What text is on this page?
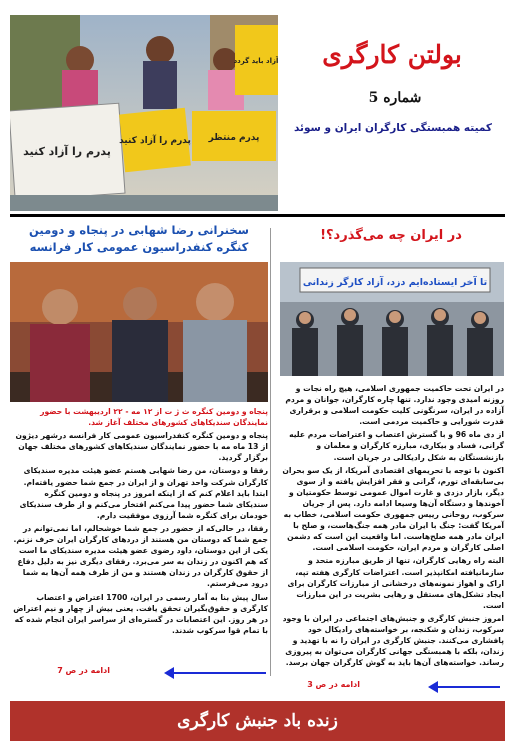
پدرم را آزاد کنید
پدرم را آزاد کنید پدرم منتظر
آزاد باید گردد	بولتن کارگری
شماره 5
کمیته همبستگی کارگران ایران و سوئد
در ایران چه می‌گذرد؟!
تا آخر ایستاده‌ایم دزد، آزاد کارگر زندانی

در ایران تحت حاکمیت جمهوری اسلامی، هیچ راه نجات و روزنه امیدی وجود ندارد. تنها چاره کارگران، جوانان و مردم آزاده در ایران، سرنگونی کلیت حکومت اسلامی و برقراری قدرت شورایی و حاکمیت مردمی است.

از دی ماه 96 و با گسترش اعتصاب و اعتراضات مردم علیه گرانی، فساد و بیکاری، مبارزه کارگران و معلمان و بازنشستگان به شکل رادیکالی در جریان است.

اکنون با توجه با تحریمهای اقتصادی آمریکا، از یک سو بحران بی‌سابقه‌ای تورم، گرانی و فقر افزایش یافته و از سوی دیگر، بازار دزدی و غارت اموال عمومی توسط حکومتیان و آخوندها و دستگاه آن‌ها وسیعا ادامه دارد. پس از جریان سرکوب، روحانی رییس جمهوری حکومت اسلامی، خطاب به آمریکا گفت: جنگ با ایران مادر همه جنگ‌هاست، و صلح با ایران مادر همه صلح‌هاست. اما واقعیت این است که دشمن اصلی کارگران و مردم ایران، حکومت اسلامی است.

البته راه رهایی کارگران، تنها از طریق مبارزه متحد و سازمانیافته امکانپذیر است. اعتراضات کارگری هفته تپه، اراک و اهواز نمونه‌های درخشانی از مبارزات کارگران برای ایجاد تشکل‌های مستقل و رهایی بشریت در این مبارزات است.

امروز جنبش کارگری و جنبش‌های اجتماعی در ایران با وجود سرکوب، زندان و شکنجه، بر خواسته‌های رادیکال خود پافشاری می‌کنند. جنبش کارگری در ایران را نه با تهدید و زندان، بلکه با همبستگی جهانی کارگران می‌توان به پیروزی رساند. خواسته‌های آن‌ها باید به گوش کارگران جهان برسد.

ادامه در ص 3
سخنرانی رضا شهابی در پنجاه و دومین
کنگره کنفدراسیون عمومی کار فرانسه

پنجاه و دومین کنگره ث ژ ت از ۱۲ مه - ۲۲ اردیبهشت با حضور نمایندگان سندیکاهای کشورهای مختلف آغاز شد.

پنجاه و دومین کنگره کنفدراسیون عمومی کار فرانسه درشهر دیژون از 13 ماه مه با حضور نمایندگان سندیکاهای کشورهای مختلف جهان برگزار گردید.

رفقا و دوستان، من رضا شهابی هستم عضو هیئت مدیره سندیکای کارگران شرکت واحد تهران و از ایران در جمع شما حضور یافته‌ام. ابتدا باید اعلام کنم که از اینکه امروز در پنجاه و دومین کنگره سندیکای شما حضور پیدا می‌کنم افتخار می‌کنم و از طرف سندیکای خودمان برای کنگره شما آرزوی موفقیت دارم.

رفقا، در حالی‌که از حضور در جمع شما خوشحالم، اما نمی‌توانم در جمع شما که دوستان من هستند از دردهای کارگران ایران حرف نزنم. یکی از این دوستان، داود رضوی عضو هیئت مدیره سندیکای ما است که هم اکنون در زندان به سر می‌برد. رفقای دیگری نیز به دلیل دفاع از حقوق کارگران در زندان هستند و من از طرف همه آن‌ها به شما درود می‌فرستم.

سال پیش بنا به آمار رسمی در ایران، 1700 اعتراض و اعتصاب کارگری و حقوق‌بگیران تحقق یافت. یعنی بیش از چهار و نیم اعتراض در هر روز. این اعتصابات در گستره‌ای از سراسر ایران انجام شده که با تمام قوا سرکوب شدند.

ادامه در ص 7
زنده باد جنبش کارگری
